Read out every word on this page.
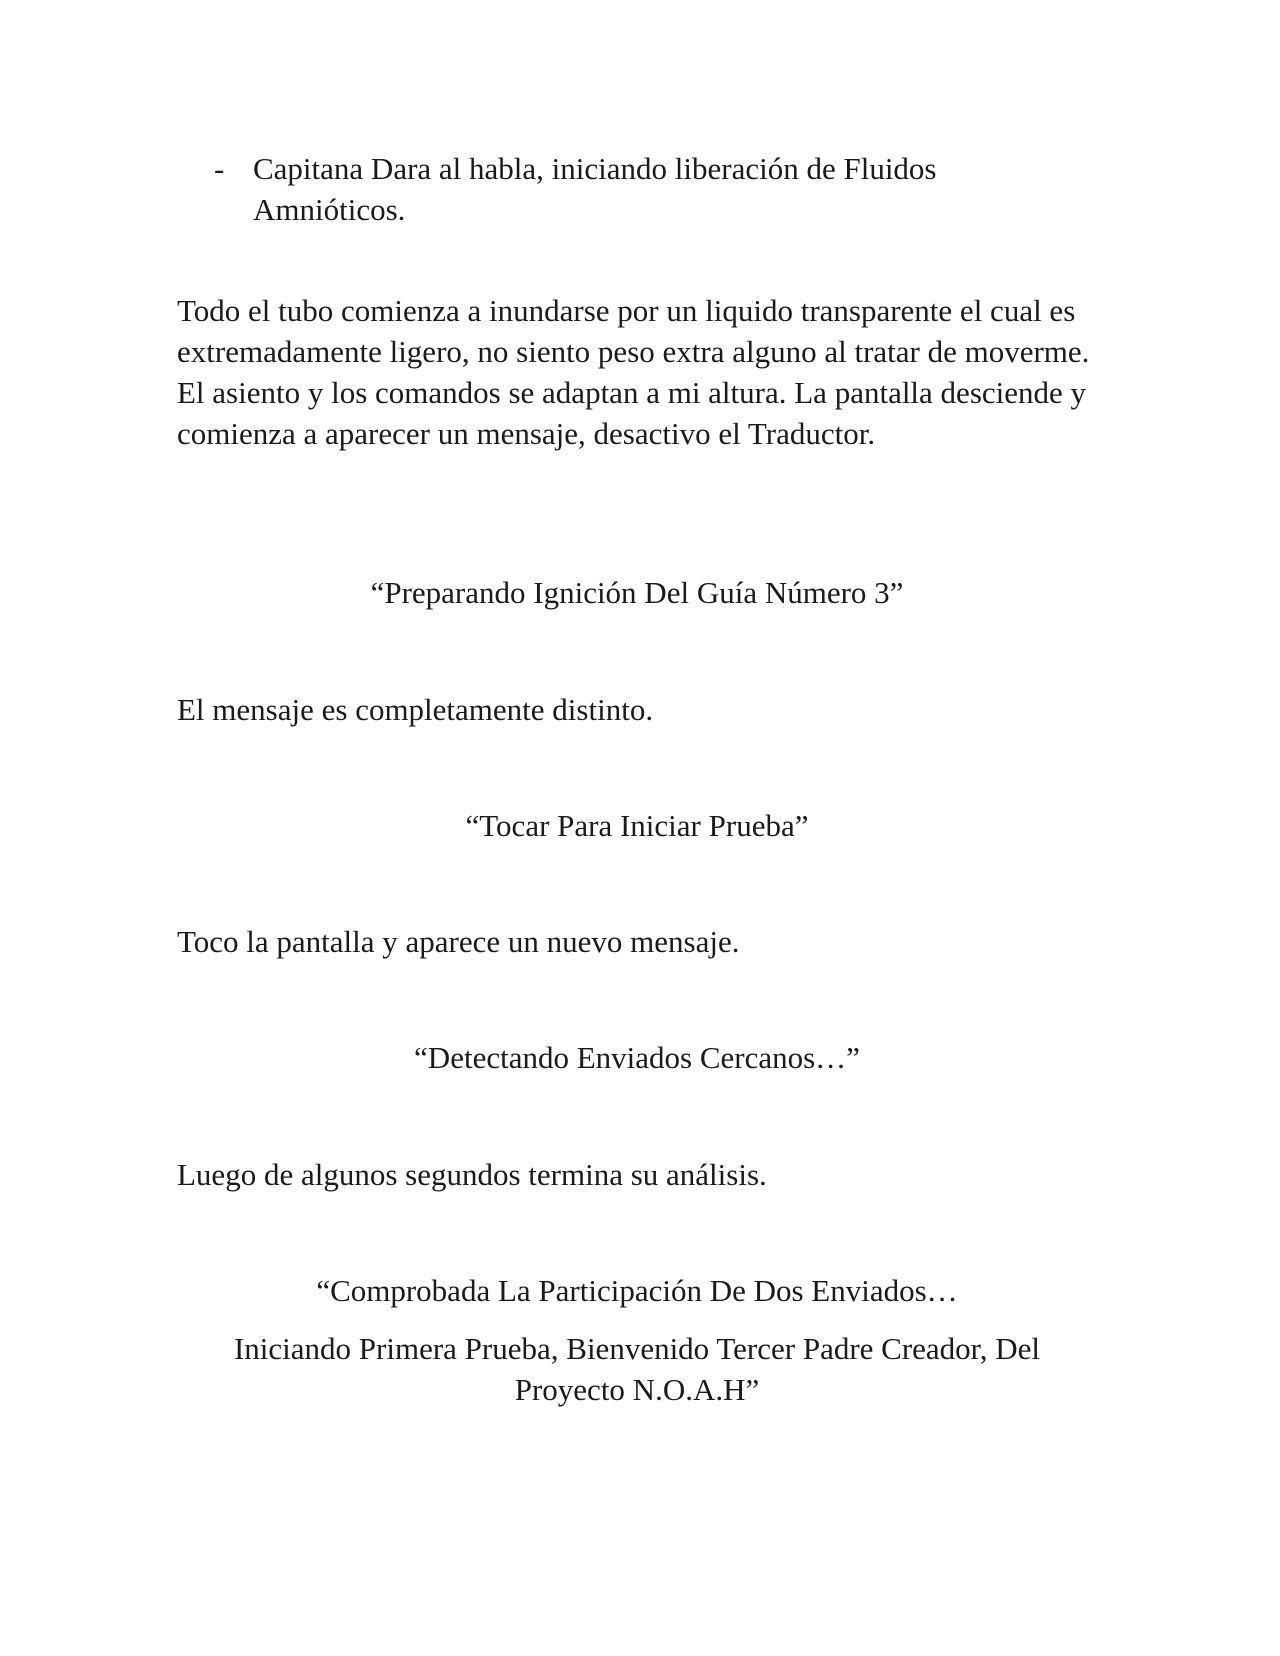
- Capitana Dara al habla, iniciando liberación de Fluidos Amnióticos.

Todo el tubo comienza a inundarse por un liquido transparente el cual es extremadamente ligero, no siento peso extra alguno al tratar de moverme. El asiento y los comandos se adaptan a mi altura. La pantalla desciende y comienza a aparecer un mensaje, desactivo el Traductor.

“Preparando Ignición Del Guía Número 3”

El mensaje es completamente distinto.

“Tocar Para Iniciar Prueba”

Toco la pantalla y aparece un nuevo mensaje.

“Detectando Enviados Cercanos…”

Luego de algunos segundos termina su análisis.

“Comprobada La Participación De Dos Enviados…

Iniciando Primera Prueba, Bienvenido Tercer Padre Creador, Del Proyecto N.O.A.H”
